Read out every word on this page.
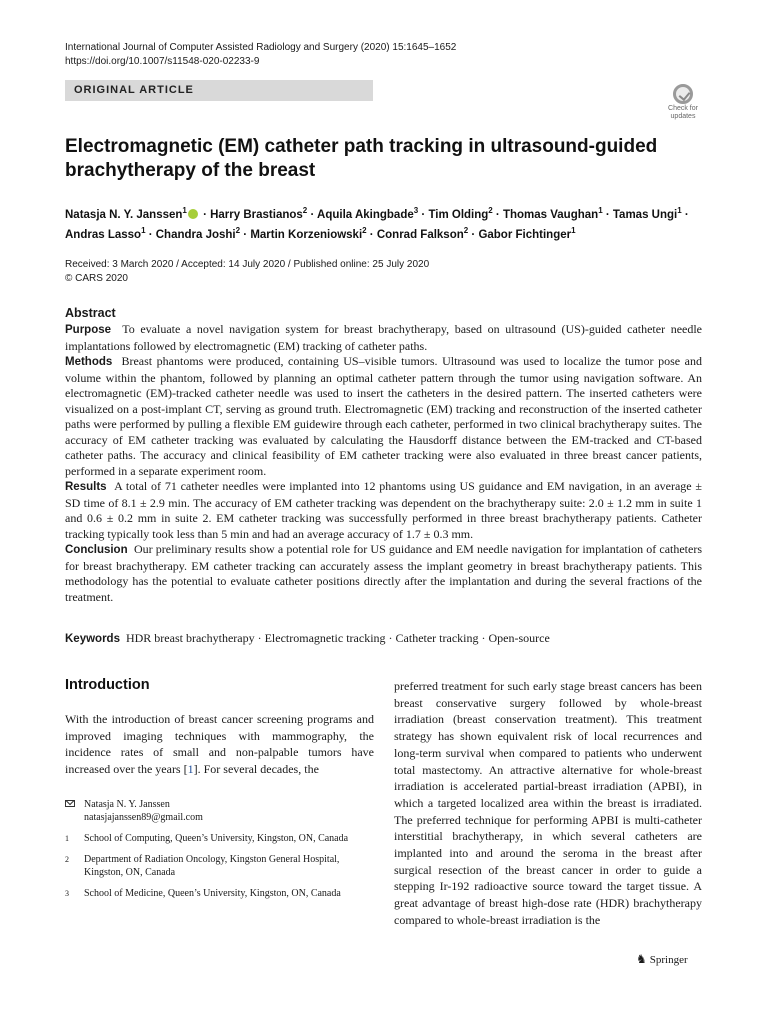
International Journal of Computer Assisted Radiology and Surgery (2020) 15:1645–1652
https://doi.org/10.1007/s11548-020-02233-9
ORIGINAL ARTICLE
Check for
updates
Electromagnetic (EM) catheter path tracking in ultrasound-guided
brachytherapy of the breast
Natasja N. Y. Janssen$^1$ · Harry Brastianos$^2$ · Aquila Akingbade$^3$ · Tim Olding$^2$ · Thomas Vaughan$^1$ · Tamas Ungi$^1$ ·
Andras Lasso$^1$ · Chandra Joshi$^2$ · Martin Korzeniowski$^2$ · Conrad Falkson$^2$ · Gabor Fichtinger$^1$
Received: 3 March 2020 / Accepted: 14 July 2020 / Published online: 25 July 2020
© CARS 2020
Abstract

Purpose To evaluate a novel navigation system for breast brachytherapy, based on ultrasound (US)-guided catheter needle implantations followed by electromagnetic (EM) tracking of catheter paths.

Methods Breast phantoms were produced, containing US–visible tumors. Ultrasound was used to localize the tumor pose and volume within the phantom, followed by planning an optimal catheter pattern through the tumor using navigation software. An electromagnetic (EM)-tracked catheter needle was used to insert the catheters in the desired pattern. The inserted catheters were visualized on a post-implant CT, serving as ground truth. Electromagnetic (EM) tracking and reconstruction of the inserted catheter paths were performed by pulling a flexible EM guidewire through each catheter, performed in two clinical brachytherapy suites. The accuracy of EM catheter tracking was evaluated by calculating the Hausdorff distance between the EM-tracked and CT-based catheter paths. The accuracy and clinical feasibility of EM catheter tracking were also evaluated in three breast cancer patients, performed in a separate experiment room.

Results A total of 71 catheter needles were implanted into 12 phantoms using US guidance and EM navigation, in an average ± SD time of 8.1 ± 2.9 min. The accuracy of EM catheter tracking was dependent on the brachytherapy suite: 2.0 ± 1.2 mm in suite 1 and 0.6 ± 0.2 mm in suite 2. EM catheter tracking was successfully performed in three breast brachytherapy patients. Catheter tracking typically took less than 5 min and had an average accuracy of 1.7 ± 0.3 mm.

Conclusion Our preliminary results show a potential role for US guidance and EM needle navigation for implantation of catheters for breast brachytherapy. EM catheter tracking can accurately assess the implant geometry in breast brachytherapy patients. This methodology has the potential to evaluate catheter positions directly after the implantation and during the several fractions of the treatment.

Keywords HDR breast brachytherapy · Electromagnetic tracking · Catheter tracking · Open-source
Introduction
With the introduction of breast cancer screening programs and improved imaging techniques with mammography, the incidence rates of small and non-palpable tumors have increased over the years [1]. For several decades, the
Natasja N. Y. Janssen
natasjajanssen89@gmail.com
1 School of Computing, Queen’s University, Kingston, ON, Canada
2 Department of Radiation Oncology, Kingston General Hospital, Kingston, ON, Canada
3 School of Medicine, Queen’s University, Kingston, ON, Canada
preferred treatment for such early stage breast cancers has been breast conservative surgery followed by whole-breast irradiation (breast conservation treatment). This treatment strategy has shown equivalent risk of local recurrences and long-term survival when compared to patients who underwent total mastectomy. An attractive alternative for whole-breast irradiation is accelerated partial-breast irradiation (APBI), in which a targeted localized area within the breast is irradiated. The preferred technique for performing APBI is multi-catheter interstitial brachytherapy, in which several catheters are implanted into and around the seroma in the breast after surgical resection of the breast cancer in order to guide a stepping Ir-192 radioactive source toward the target tissue. A great advantage of breast high-dose rate (HDR) brachytherapy compared to whole-breast irradiation is the
♞ Springer
